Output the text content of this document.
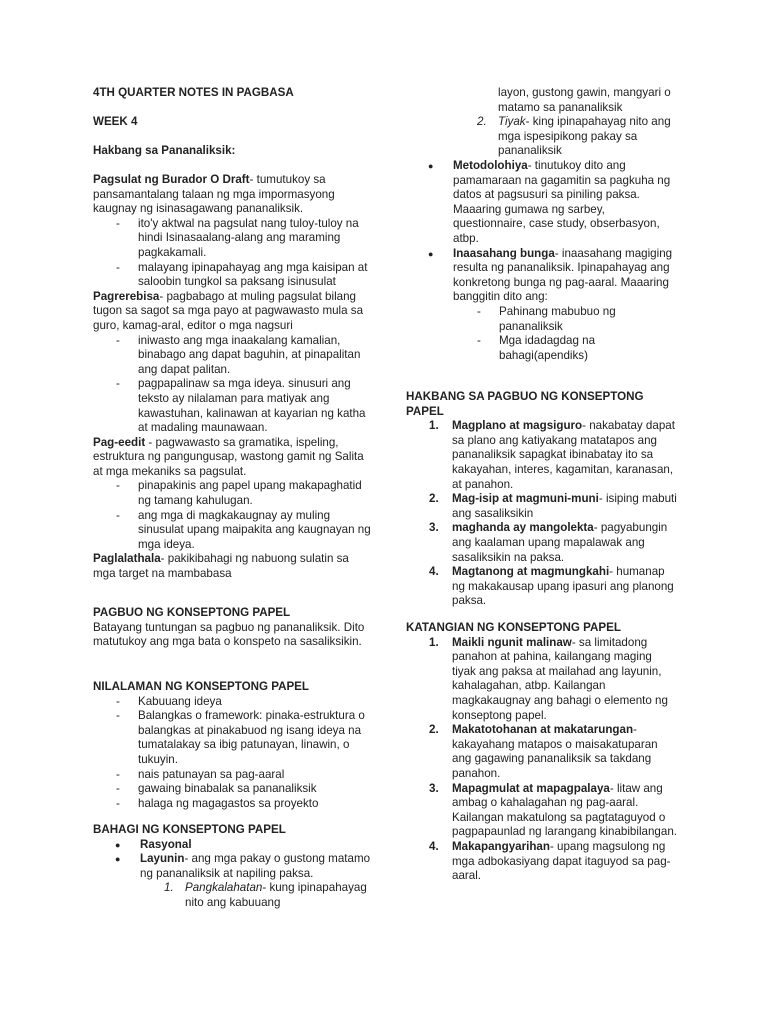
4TH QUARTER NOTES IN PAGBASA

WEEK 4

Hakbang sa Pananaliksik:

Pagsulat ng Burador O Draft- tumutukoy sa pansamantalang talaan ng mga impormasyong kaugnay ng isinasagawang pananaliksik.

- ito'y aktwal na pagsulat nang tuloy-tuloy na hindi Isinasaalang-alang ang maraming pagkakamali.
- malayang ipinapahayag ang mga kaisipan at saloobin tungkol sa paksang isinusulat

Pagrerebisa- pagbabago at muling pagsulat bilang tugon sa sagot sa mga payo at pagwawasto mula sa guro, kamag-aral, editor o mga nagsuri

- iniwasto ang mga inaakalang kamalian, binabago ang dapat baguhin, at pinapalitan ang dapat palitan.
- pagpapalinaw sa mga ideya. sinusuri ang teksto ay nilalaman para matiyak ang kawastuhan, kalinawan at kayarian ng katha at madaling maunawaan.

Pag-eedit - pagwawasto sa gramatika, ispeling, estruktura ng pangungusap, wastong gamit ng Salita at mga mekaniks sa pagsulat.

- pinapakinis ang papel upang makapaghatid ng tamang kahulugan.
- ang mga di magkakaugnay ay muling sinusulat upang maipakita ang kaugnayan ng mga ideya.

Paglalathala- pakikibahagi ng nabuong sulatin sa mga target na mambabasa

PAGBUO NG KONSEPTONG PAPEL

Batayang tuntungan sa pagbuo ng pananaliksik. Dito matutukoy ang mga bata o konspeto na sasaliksikin.

NILALAMAN NG KONSEPTONG PAPEL

- Kabuuang ideya
- Balangkas o framework: pinaka-estruktura o balangkas at pinakabuod ng isang ideya na tumatalakay sa ibig patunayan, linawin, o tukuyin.
- nais patunayan sa pag-aaral
- gawaing binabalak sa pananaliksik
- halaga ng magagastos sa proyekto

BAHAGI NG KONSEPTONG PAPEL

● Rasyonal
● Layunin- ang mga pakay o gustong matamo ng pananaliksik at napiling paksa.
1. Pangkalahatan- kung ipinapahayag nito ang kabuuang

layon, gustong gawin, mangyari o matamo sa pananaliksik

2. Tiyak- king ipinapahayag nito ang mga ispesipikong pakay sa pananaliksik
● Metodolohiya- tinutukoy dito ang pamamaraan na gagamitin sa pagkuha ng datos at pagsusuri sa piniling paksa. Maaaring gumawa ng sarbey, questionnaire, case study, obserbasyon, atbp.
● Inaasahang bunga- inaasahang magiging resulta ng pananaliksik. Ipinapahayag ang konkretong bunga ng pag-aaral. Maaaring banggitin dito ang:
- Pahinang mabubuo ng pananaliksik
- Mga idadagdag na bahagi(apendiks)

HAKBANG SA PAGBUO NG KONSEPTONG PAPEL

1. Magplano at magsiguro- nakabatay dapat sa plano ang katiyakang matatapos ang pananaliksik sapagkat ibinabatay ito sa kakayahan, interes, kagamitan, karanasan, at panahon.
2. Mag-isip at magmuni-muni- isiping mabuti ang sasaliksikin
3. maghanda ay mangolekta- pagyabungin ang kaalaman upang mapalawak ang sasaliksikin na paksa.
4. Magtanong at magmungkahi- humanap ng makakausap upang ipasuri ang planong paksa.

KATANGIAN NG KONSEPTONG PAPEL

1. Maikli ngunit malinaw- sa limitadong panahon at pahina, kailangang maging tiyak ang paksa at mailahad ang layunin, kahalagahan, atbp. Kailangan magkakaugnay ang bahagi o elemento ng konseptong papel.
2. Makatotohanan at makatarungan- kakayahang matapos o maisakatuparan ang gagawing pananaliksik sa takdang panahon.
3. Mapagmulat at mapagpalaya- litaw ang ambag o kahalagahan ng pag-aaral. Kailangan makatulong sa pagtataguyod o pagpapaunlad ng larangang kinabibilangan.
4. Makapangyarihan- upang magsulong ng mga adbokasiyang dapat itaguyod sa pag-aaral.
